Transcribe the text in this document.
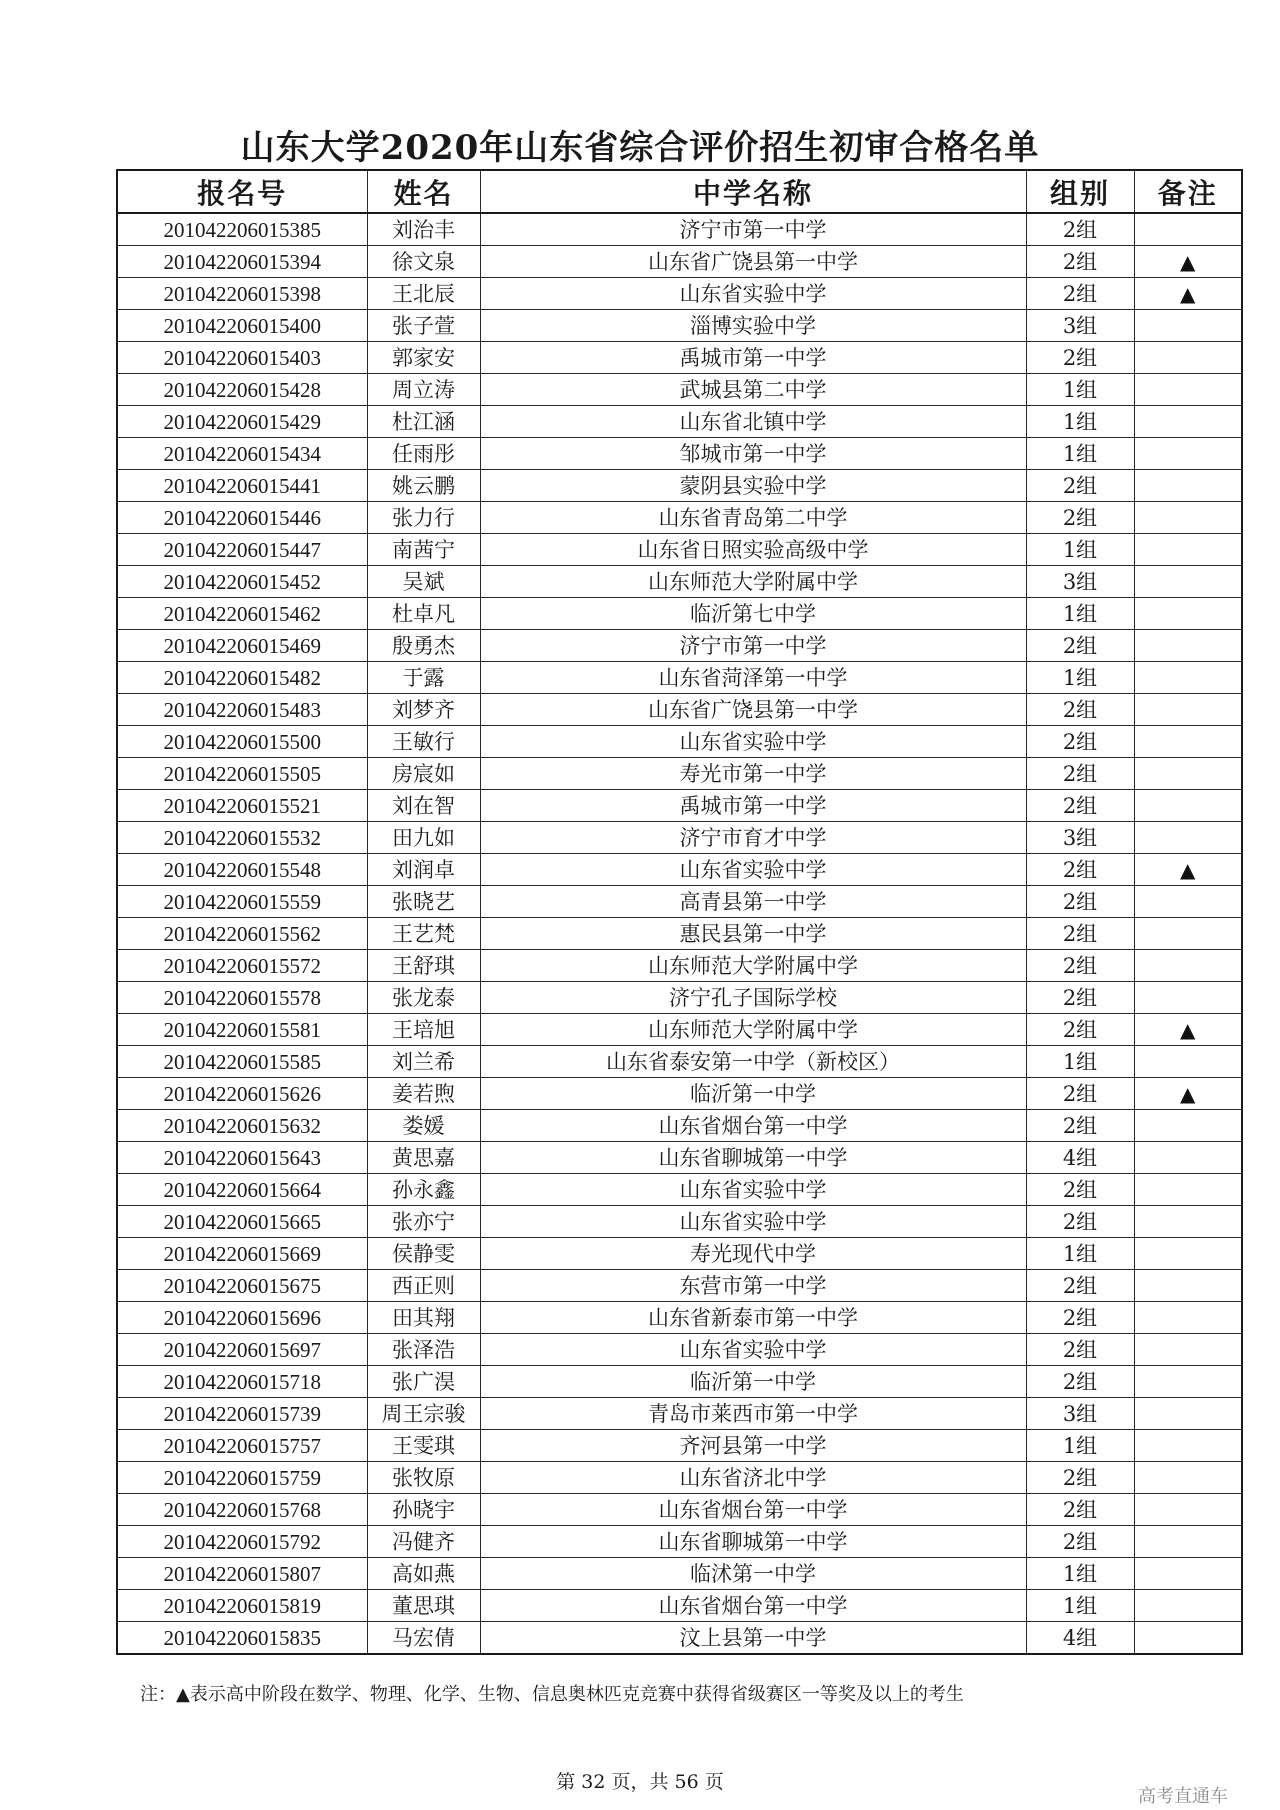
山东大学2020年山东省综合评价招生初审合格名单
报名号	姓名	中学名称	组别	备注
201042206015385	刘治丰	济宁市第一中学	2组	
201042206015394	徐文泉	山东省广饶县第一中学	2组	▲
201042206015398	王北辰	山东省实验中学	2组	▲
201042206015400	张子萱	淄博实验中学	3组	
201042206015403	郭家安	禹城市第一中学	2组	
201042206015428	周立涛	武城县第二中学	1组	
201042206015429	杜江涵	山东省北镇中学	1组	
201042206015434	任雨彤	邹城市第一中学	1组	
201042206015441	姚云鹏	蒙阴县实验中学	2组	
201042206015446	张力行	山东省青岛第二中学	2组	
201042206015447	南茜宁	山东省日照实验高级中学	1组	
201042206015452	吴斌	山东师范大学附属中学	3组	
201042206015462	杜卓凡	临沂第七中学	1组	
201042206015469	殷勇杰	济宁市第一中学	2组	
201042206015482	于露	山东省菏泽第一中学	1组	
201042206015483	刘梦齐	山东省广饶县第一中学	2组	
201042206015500	王敏行	山东省实验中学	2组	
201042206015505	房宸如	寿光市第一中学	2组	
201042206015521	刘在智	禹城市第一中学	2组	
201042206015532	田九如	济宁市育才中学	3组	
201042206015548	刘润卓	山东省实验中学	2组	▲
201042206015559	张晓艺	高青县第一中学	2组	
201042206015562	王艺梵	惠民县第一中学	2组	
201042206015572	王舒琪	山东师范大学附属中学	2组	
201042206015578	张龙泰	济宁孔子国际学校	2组	
201042206015581	王培旭	山东师范大学附属中学	2组	▲
201042206015585	刘兰希	山东省泰安第一中学（新校区）	1组	
201042206015626	姜若煦	临沂第一中学	2组	▲
201042206015632	娄媛	山东省烟台第一中学	2组	
201042206015643	黄思嘉	山东省聊城第一中学	4组	
201042206015664	孙永鑫	山东省实验中学	2组	
201042206015665	张亦宁	山东省实验中学	2组	
201042206015669	侯静雯	寿光现代中学	1组	
201042206015675	西正则	东营市第一中学	2组	
201042206015696	田其翔	山东省新泰市第一中学	2组	
201042206015697	张泽浩	山东省实验中学	2组	
201042206015718	张广淏	临沂第一中学	2组	
201042206015739	周王宗骏	青岛市莱西市第一中学	3组	
201042206015757	王雯琪	齐河县第一中学	1组	
201042206015759	张牧原	山东省济北中学	2组	
201042206015768	孙晓宇	山东省烟台第一中学	2组	
201042206015792	冯健齐	山东省聊城第一中学	2组	
201042206015807	高如燕	临沭第一中学	1组	
201042206015819	董思琪	山东省烟台第一中学	1组	
201042206015835	马宏倩	汶上县第一中学	4组	
注：▲表示高中阶段在数学、物理、化学、生物、信息奥林匹克竞赛中获得省级赛区一等奖及以上的考生
第 32 页，共 56 页
高考直通车
